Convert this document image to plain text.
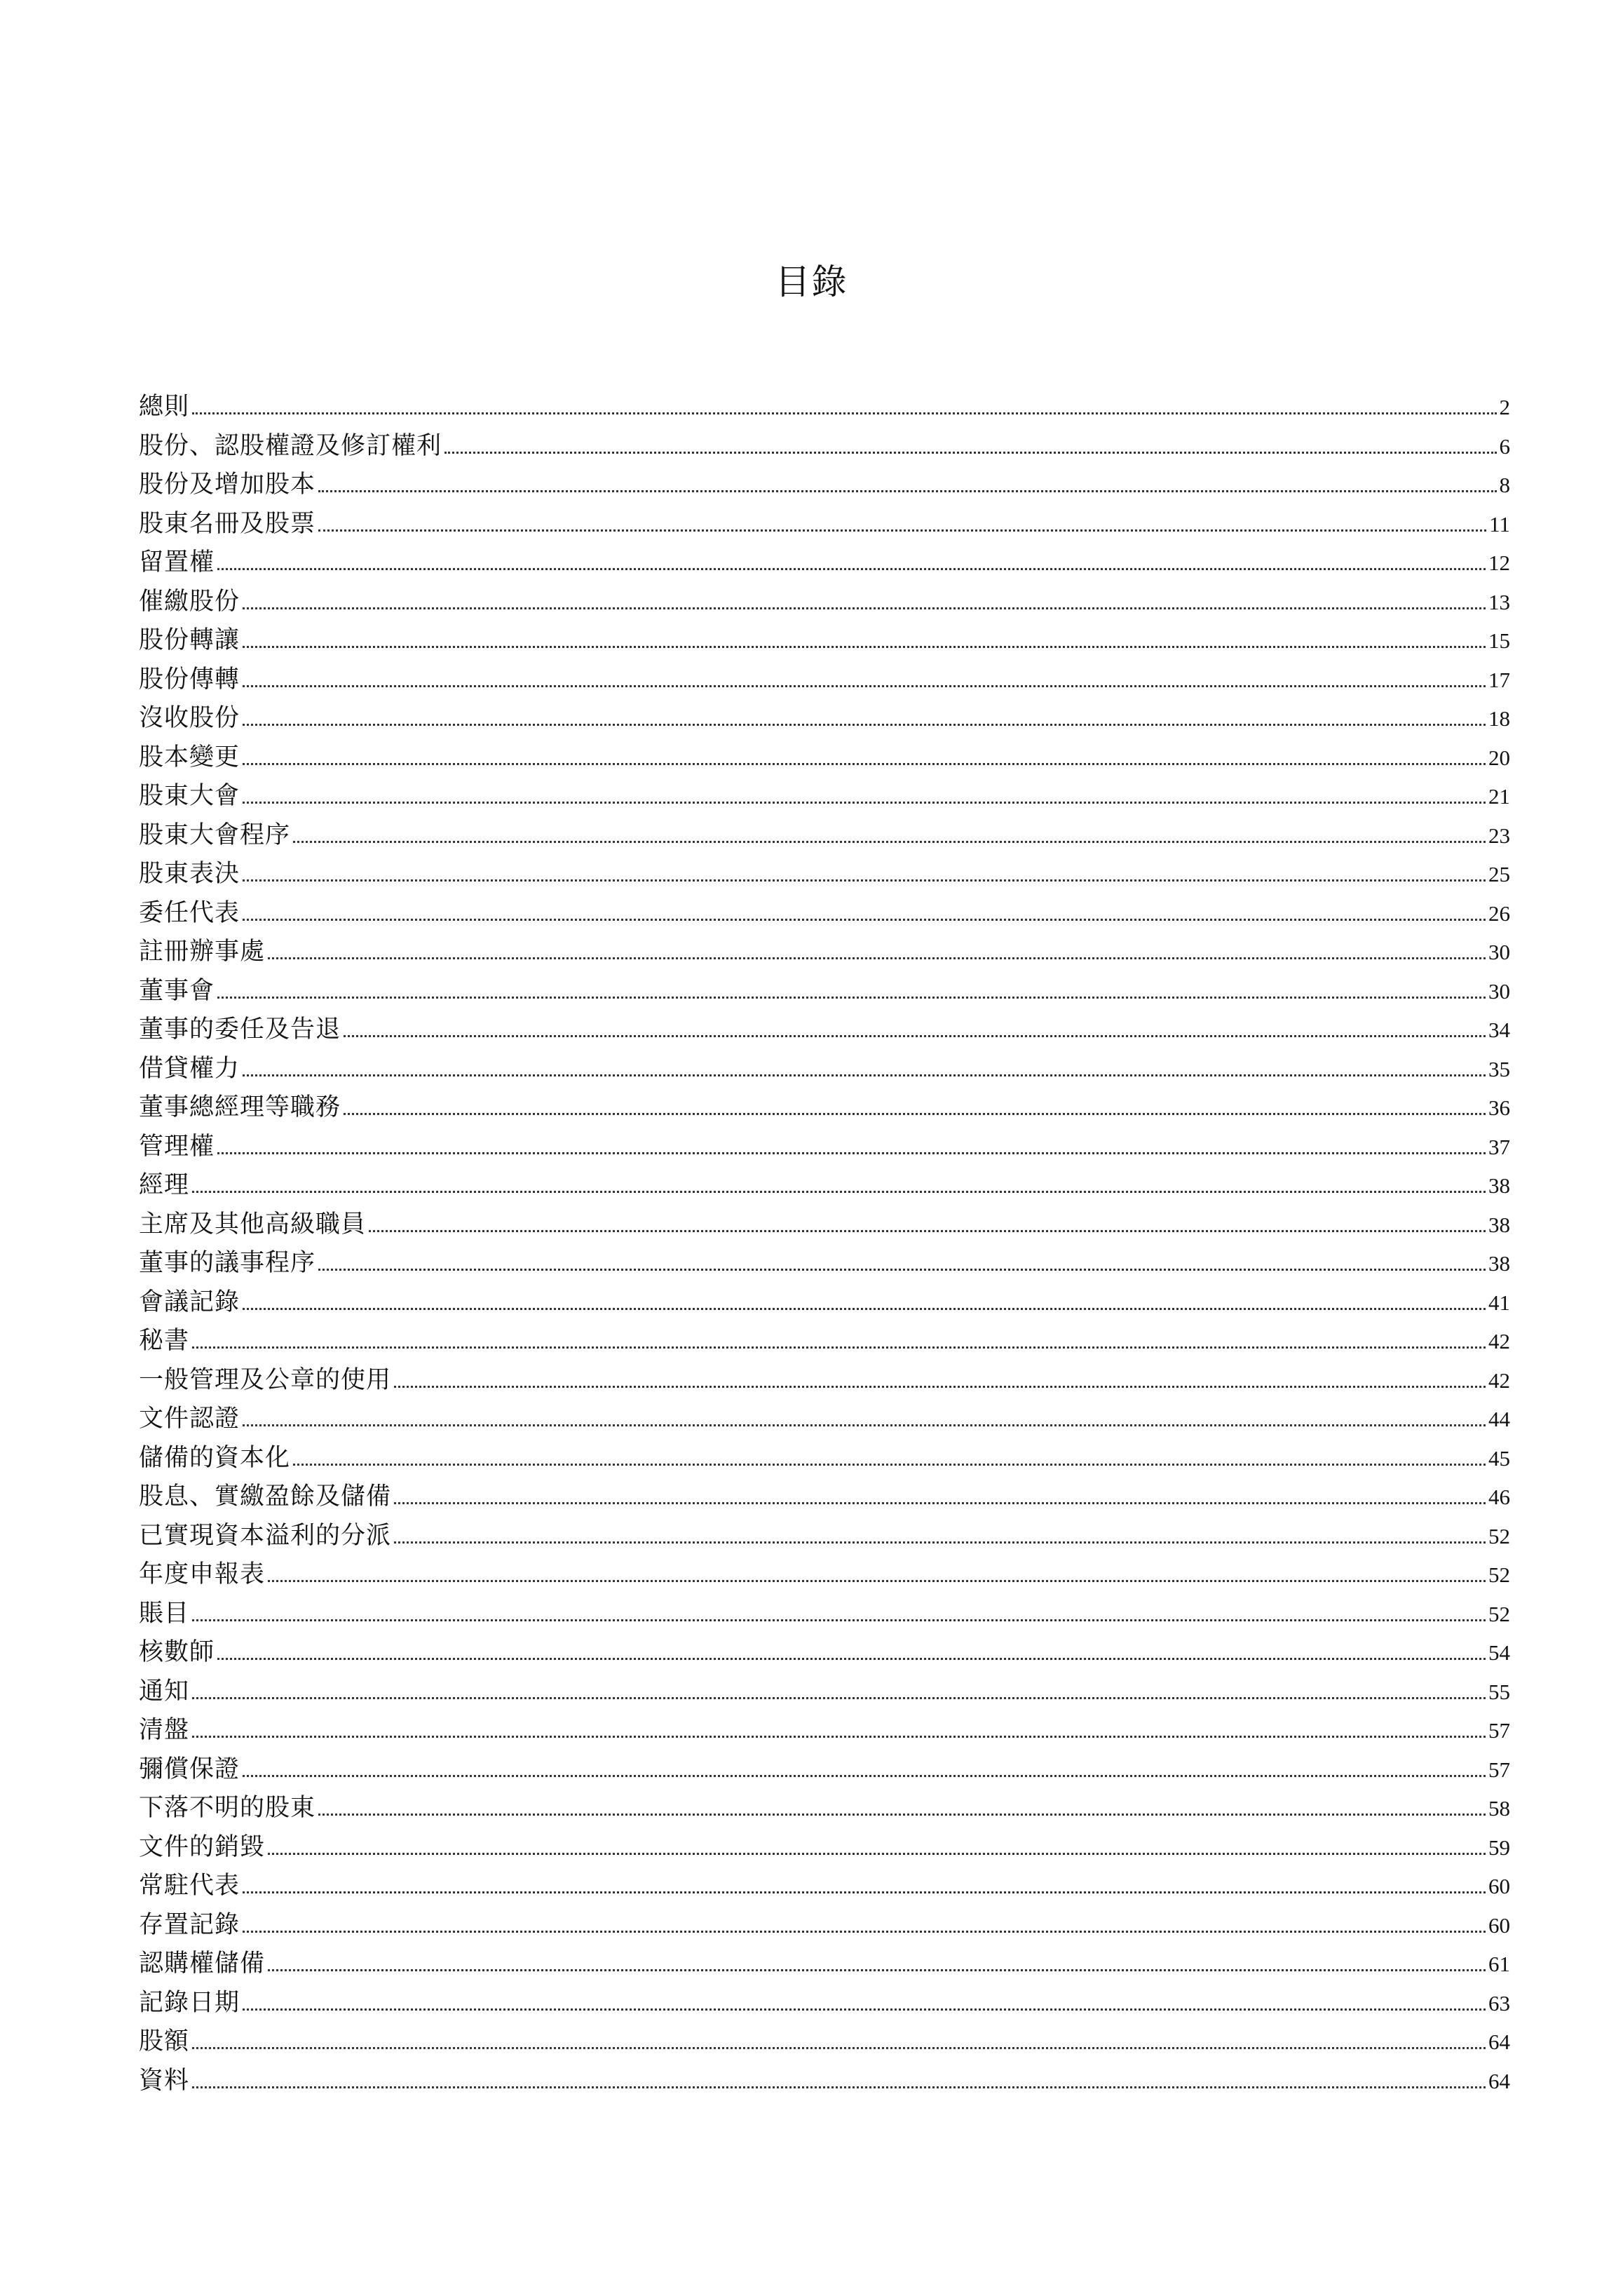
目錄
總則	2
股份、認股權證及修訂權利	6
股份及增加股本	8
股東名冊及股票	11
留置權	12
催繳股份	13
股份轉讓	15
股份傳轉	17
沒收股份	18
股本變更	20
股東大會	21
股東大會程序	23
股東表決	25
委任代表	26
註冊辦事處	30
董事會	30
董事的委任及告退	34
借貸權力	35
董事總經理等職務	36
管理權	37
經理	38
主席及其他高級職員	38
董事的議事程序	38
會議記錄	41
秘書	42
一般管理及公章的使用	42
文件認證	44
儲備的資本化	45
股息、實繳盈餘及儲備	46
已實現資本溢利的分派	52
年度申報表	52
賬目	52
核數師	54
通知	55
清盤	57
彌償保證	57
下落不明的股東	58
文件的銷毀	59
常駐代表	60
存置記錄	60
認購權儲備	61
記錄日期	63
股額	64
資料	64
